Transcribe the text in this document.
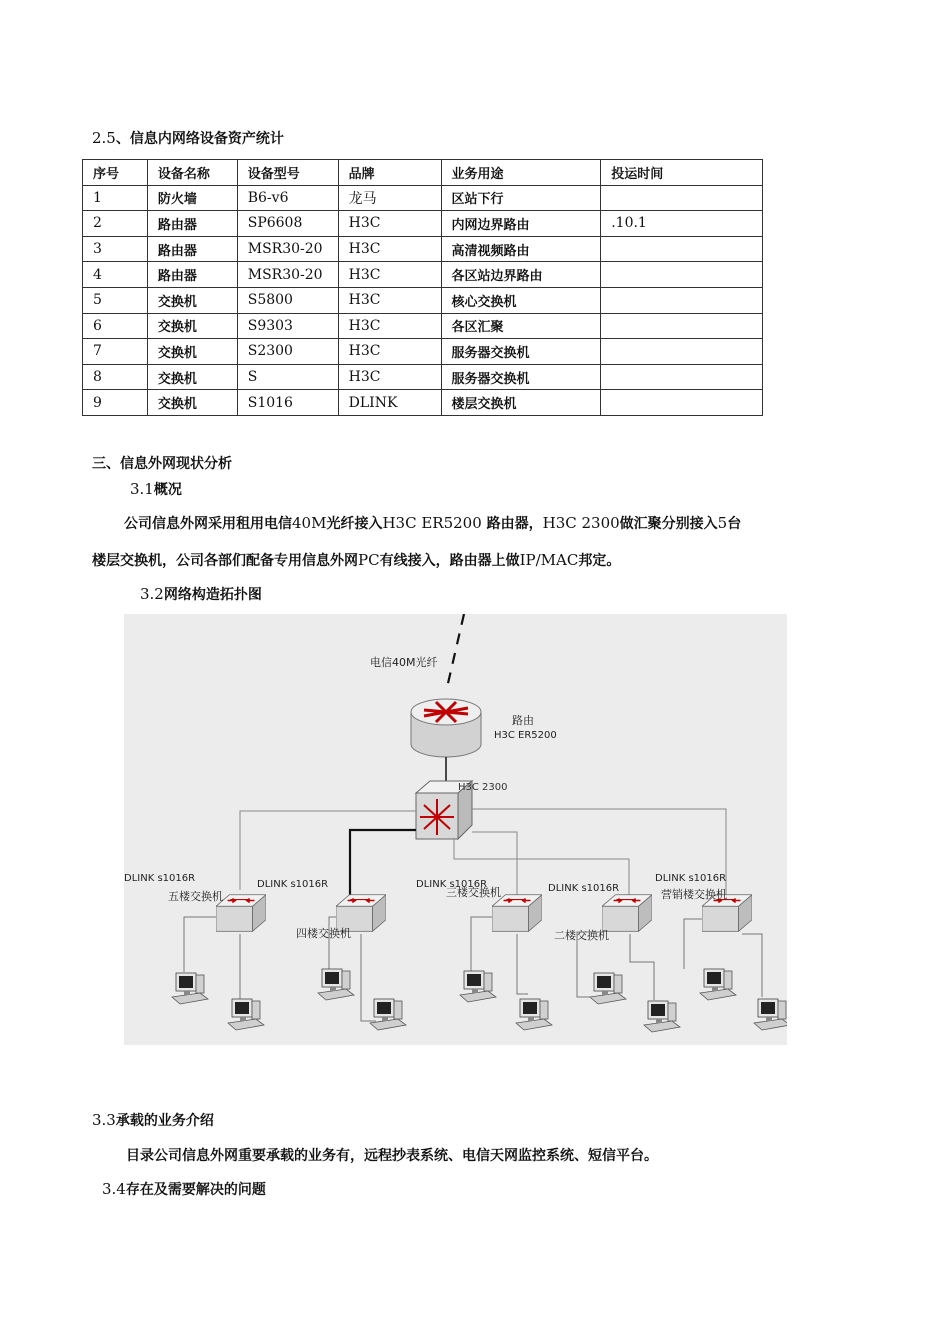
2.5、信息内网络设备资产统计
序号	设备名称	设备型号	品牌	业务用途	投运时间
1	防火墙	B6-v6	龙马	区站下行	
2	路由器	SP6608	H3C	内网边界路由	.10.1
3	路由器	MSR30-20	H3C	高清视频路由	
4	路由器	MSR30-20	H3C	各区站边界路由	
5	交换机	S5800	H3C	核心交换机	
6	交换机	S9303	H3C	各区汇聚	
7	交换机	S2300	H3C	服务器交换机	
8	交换机	S	H3C	服务器交换机	
9	交换机	S1016	DLINK	楼层交换机	
三、信息外网现状分析
3.1概况
公司信息外网采用租用电信40M光纤接入H3C ER5200 路由器，H3C 2300做汇聚分别接入5台
楼层交换机，公司各部们配备专用信息外网PC有线接入，路由器上做IP/MAC邦定。
3.2网络构造拓扑图
电信40M光纤
路由
H3C ER5200
H3C 2300
DLINK s1016R
五楼交换机
DLINK s1016R
四楼交换机
DLINK s1016R
三楼交换机	DLINK s1016R
二楼交换机
DLINK s1016R
营销楼交换机
3.3承载的业务介绍
目录公司信息外网重要承载的业务有，远程抄表系统、电信天网监控系统、短信平台。
3.4存在及需要解决的问题
